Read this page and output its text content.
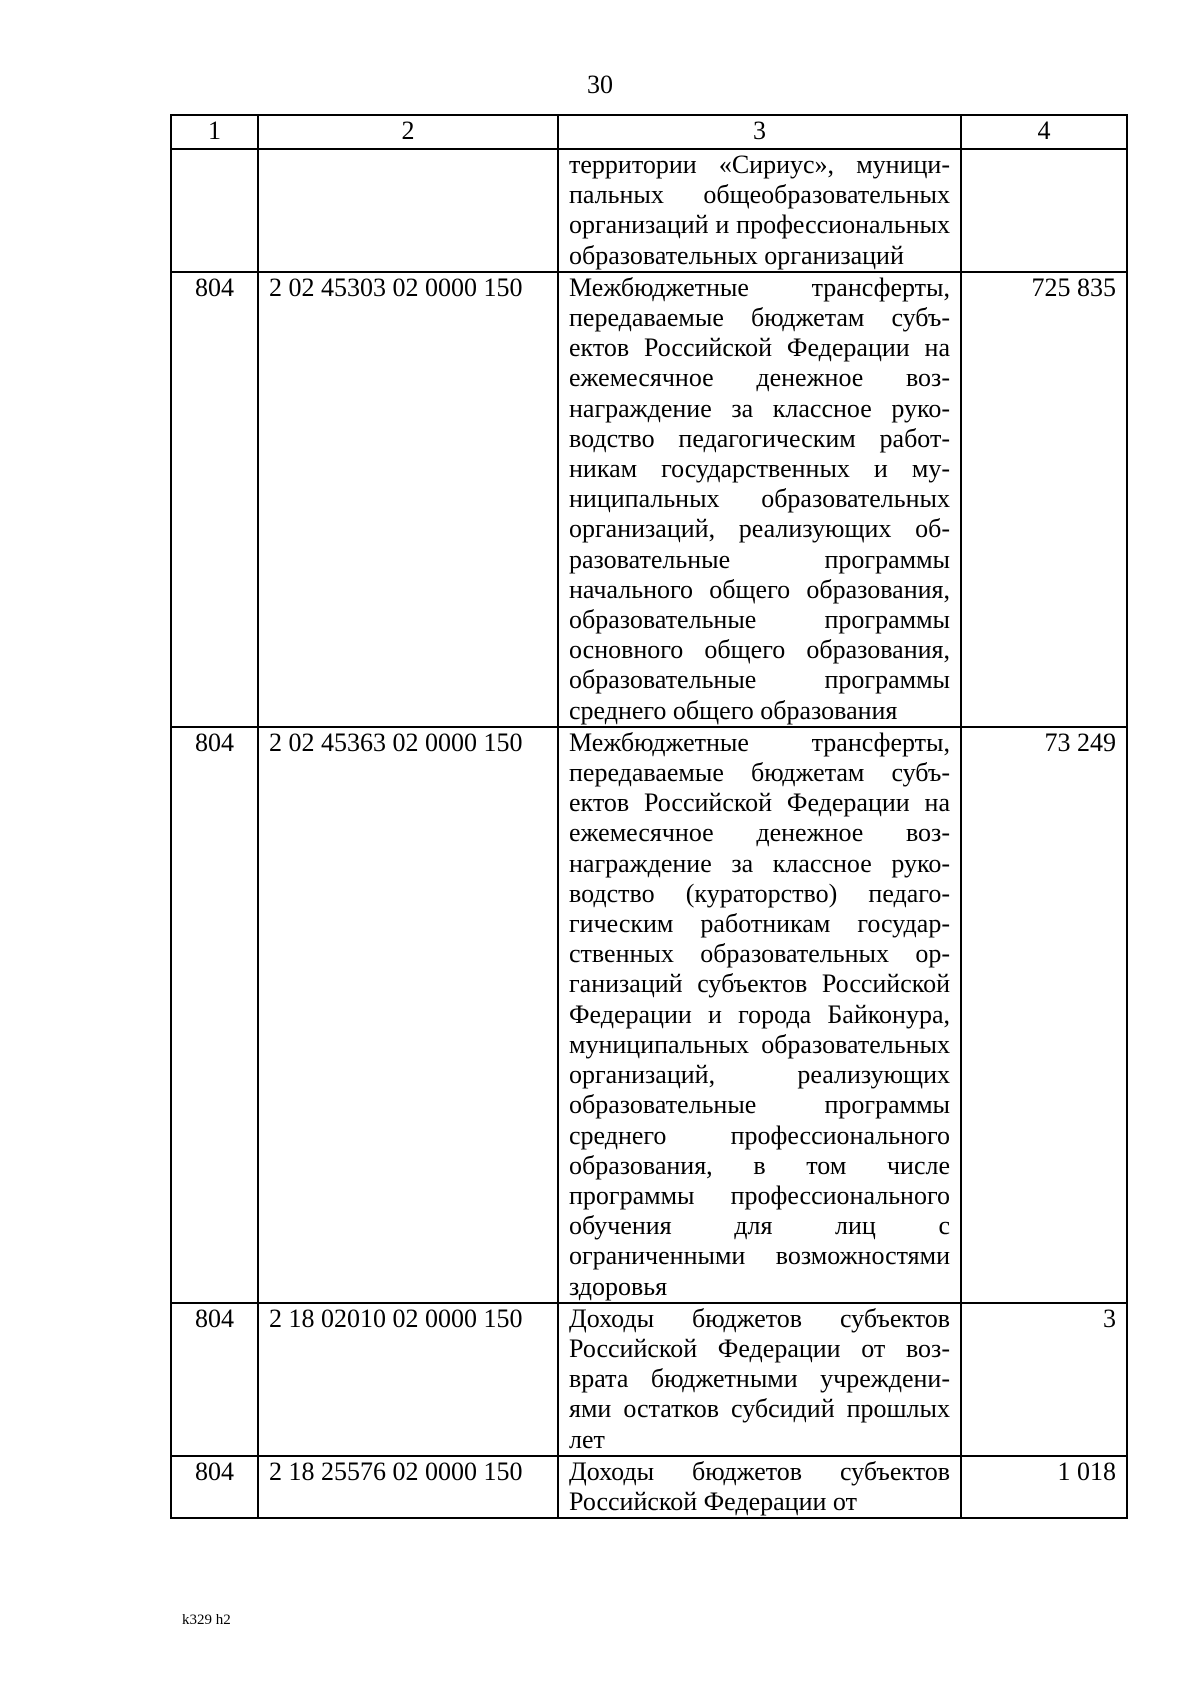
30
1	2	3	4
		территории «Сириус», муниципальных общеобразовательных организаций и профессиональных образовательных организаций	
804	2 02 45303 02 0000 150	Межбюджетные трансферты, передаваемые бюджетам субъектов Российской Федерации на ежемесячное денежное вознаграждение за классное руководство педагогическим работникам государственных и муниципальных образовательных организаций, реализующих образовательные программы начального общего образования, образовательные программы основного общего образования, образовательные программы среднего общего образования	725 835
804	2 02 45363 02 0000 150	Межбюджетные трансферты, передаваемые бюджетам субъектов Российской Федерации на ежемесячное денежное вознаграждение за классное руководство (кураторство) педагогическим работникам государственных образовательных организаций субъектов Российской Федерации и города Байконура, муниципальных образовательных организаций, реализующих образовательные программы среднего профессионального образования, в том числе программы профессионального обучения для лиц с ограниченными возможностями здоровья	73 249
804	2 18 02010 02 0000 150	Доходы бюджетов субъектов Российской Федерации от возврата бюджетными учреждениями остатков субсидий прошлых лет	3
804	2 18 25576 02 0000 150	Доходы бюджетов субъектов Российской Федерации от	1 018
k329 h2
